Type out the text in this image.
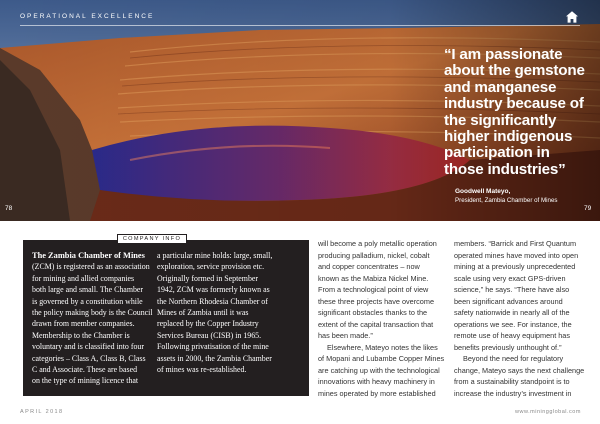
OPERATIONAL EXCELLENCE
“I am passionate
about the gemstone
and manganese
industry because of
the significantly
higher indigenous
participation in
those industries”
Goodwell Mateyo,
President, Zambia Chamber of Mines
78	79
COMPANY INFO
The Zambia Chamber of Mines
(ZCM) is registered as an association
for mining and allied companies
both large and small. The Chamber
is governed by a constitution while
the policy making body is the Council
drawn from member companies.
Membership to the Chamber is
voluntary and is classified into four
categories – Class A, Class B, Class
C and Associate. These are based
on the type of mining licence that
a particular mine holds: large, small,
exploration, service provision etc.
Originally formed in September
1942, ZCM was formerly known as
the Northern Rhodesia Chamber of
Mines of Zambia until it was
replaced by the Copper Industry
Services Bureau (CISB) in 1965.
Following privatisation of the mine
assets in 2000, the Zambia Chamber
of mines was re-established.
will become a poly metallic operation
producing palladium, nickel, cobalt
and copper concentrates – now
known as the Mabiza Nickel Mine.
From a technological point of view
these three projects have overcome
significant obstacles thanks to the
extent of the capital transaction that
has been made.”
Elsewhere, Mateyo notes the likes
of Mopani and Lubambe Copper Mines
are catching up with the technological
innovations with heavy machinery in
mines operated by more established
members. “Barrick and First Quantum
operated mines have moved into open
mining at a previously unprecedented
scale using very exact GPS-driven
science,” he says. “There have also
been significant advances around
safety nationwide in nearly all of the
operations we see. For instance, the
remote use of heavy equipment has
benefits previously unthought of.”
Beyond the need for regulatory
change, Mateyo says the next challenge
from a sustainability standpoint is to
increase the industry’s investment in
APRIL 2018	www.miningglobal.com
